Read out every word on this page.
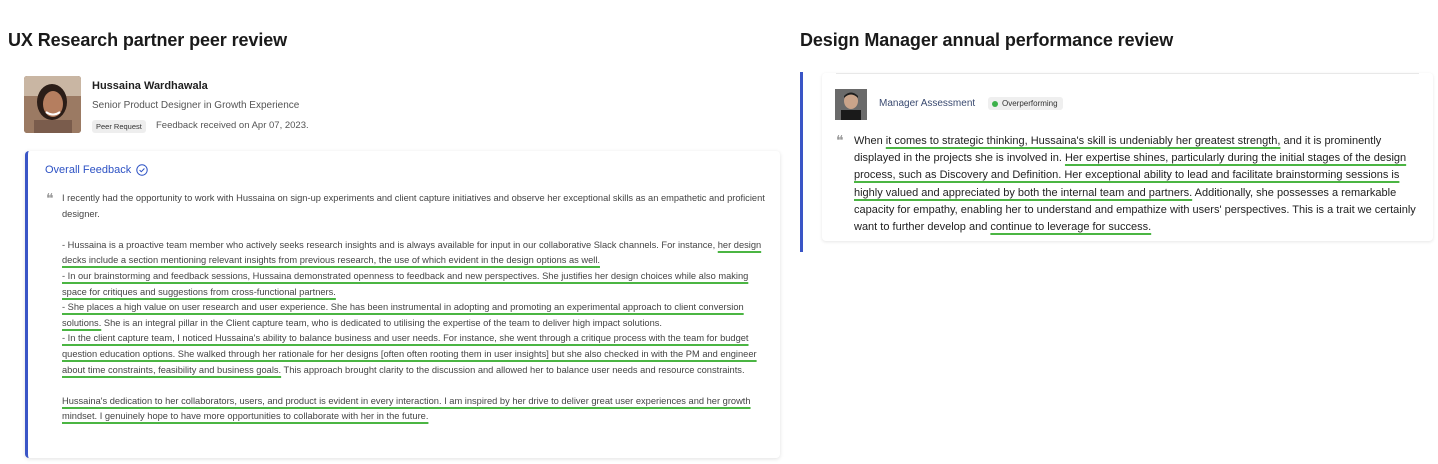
UX Research partner peer review	Design Manager annual performance review
Hussaina Wardhawala
Senior Product Designer in Growth Experience
Peer Request	Feedback received on Apr 07, 2023.
Overall Feedback
❝ I recently had the opportunity to work with Hussaina on sign-up experiments and client capture initiatives and observe her exceptional skills as an empathetic and proficient designer.

- Hussaina is a proactive team member who actively seeks research insights and is always available for input in our collaborative Slack channels. For instance, her design decks include a section mentioning relevant insights from previous research, the use of which evident in the design options as well.

- In our brainstorming and feedback sessions, Hussaina demonstrated openness to feedback and new perspectives. She justifies her design choices while also making space for critiques and suggestions from cross-functional partners.

- She places a high value on user research and user experience. She has been instrumental in adopting and promoting an experimental approach to client conversion solutions. She is an integral pillar in the Client capture team, who is dedicated to utilising the expertise of the team to deliver high impact solutions.

- In the client capture team, I noticed Hussaina's ability to balance business and user needs. For instance, she went through a critique process with the team for budget question education options. She walked through her rationale for her designs [often often rooting them in user insights] but she also checked in with the PM and engineer about time constraints, feasibility and business goals. This approach brought clarity to the discussion and allowed her to balance user needs and resource constraints.

Hussaina's dedication to her collaborators, users, and product is evident in every interaction. I am inspired by her drive to deliver great user experiences and her growth mindset. I genuinely hope to have more opportunities to collaborate with her in the future.

Manager Assessment	Overperforming
❝ When it comes to strategic thinking, Hussaina's skill is undeniably her greatest strength, and it is prominently displayed in the projects she is involved in. Her expertise shines, particularly during the initial stages of the design process, such as Discovery and Definition. Her exceptional ability to lead and facilitate brainstorming sessions is highly valued and appreciated by both the internal team and partners. Additionally, she possesses a remarkable capacity for empathy, enabling her to understand and empathize with users' perspectives. This is a trait we certainly want to further develop and continue to leverage for success.
